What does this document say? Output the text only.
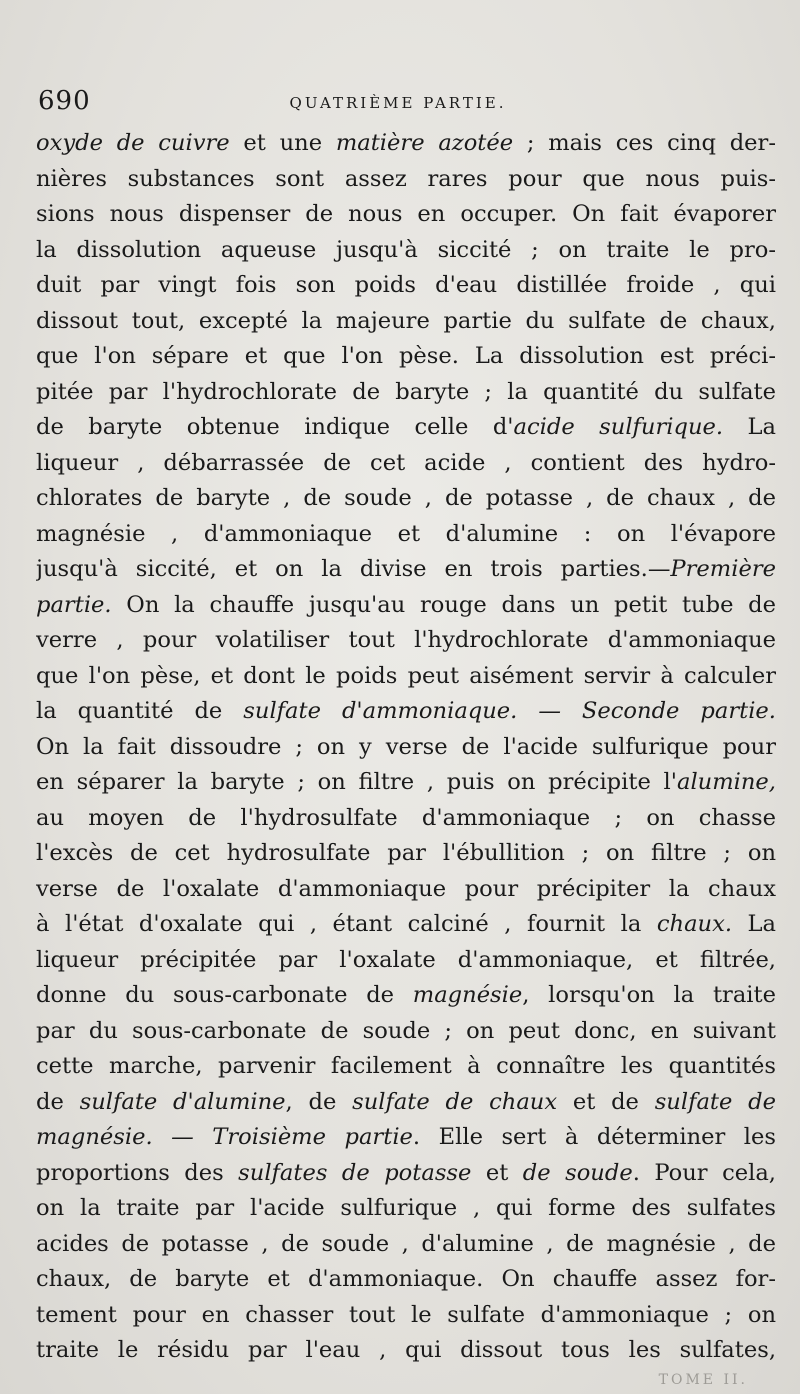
690	QUATRIÈME PARTIE.
oxyde de cuivre et une matière azotée ; mais ces cinq der-
nières substances sont assez rares pour que nous puis-
sions nous dispenser de nous en occuper. On fait évaporer
la dissolution aqueuse jusqu'à siccité ; on traite le pro-
duit par vingt fois son poids d'eau distillée froide , qui
dissout tout, excepté la majeure partie du sulfate de chaux,
que l'on sépare et que l'on pèse. La dissolution est préci-
pitée par l'hydrochlorate de baryte ; la quantité du sulfate
de baryte obtenue indique celle d'acide sulfurique. La
liqueur , débarrassée de cet acide , contient des hydro-
chlorates de baryte , de soude , de potasse , de chaux , de
magnésie , d'ammoniaque et d'alumine : on l'évapore
jusqu'à siccité, et on la divise en trois parties.—Première
partie. On la chauffe jusqu'au rouge dans un petit tube de
verre , pour volatiliser tout l'hydrochlorate d'ammoniaque
que l'on pèse, et dont le poids peut aisément servir à calculer
la quantité de sulfate d'ammoniaque. — Seconde partie.
On la fait dissoudre ; on y verse de l'acide sulfurique pour
en séparer la baryte ; on filtre , puis on précipite l'alumine,
au moyen de l'hydrosulfate d'ammoniaque ; on chasse
l'excès de cet hydrosulfate par l'ébullition ; on filtre ; on
verse de l'oxalate d'ammoniaque pour précipiter la chaux
à l'état d'oxalate qui , étant calciné , fournit la chaux. La
liqueur précipitée par l'oxalate d'ammoniaque, et filtrée,
donne du sous-carbonate de magnésie, lorsqu'on la traite
par du sous-carbonate de soude ; on peut donc, en suivant
cette marche, parvenir facilement à connaître les quantités
de sulfate d'alumine, de sulfate de chaux et de sulfate de
magnésie. — Troisième partie. Elle sert à déterminer les
proportions des sulfates de potasse et de soude. Pour cela,
on la traite par l'acide sulfurique , qui forme des sulfates
acides de potasse , de soude , d'alumine , de magnésie , de
chaux, de baryte et d'ammoniaque. On chauffe assez for-
tement pour en chasser tout le sulfate d'ammoniaque ; on
traite le résidu par l'eau , qui dissout tous les sulfates,
TOME II.
